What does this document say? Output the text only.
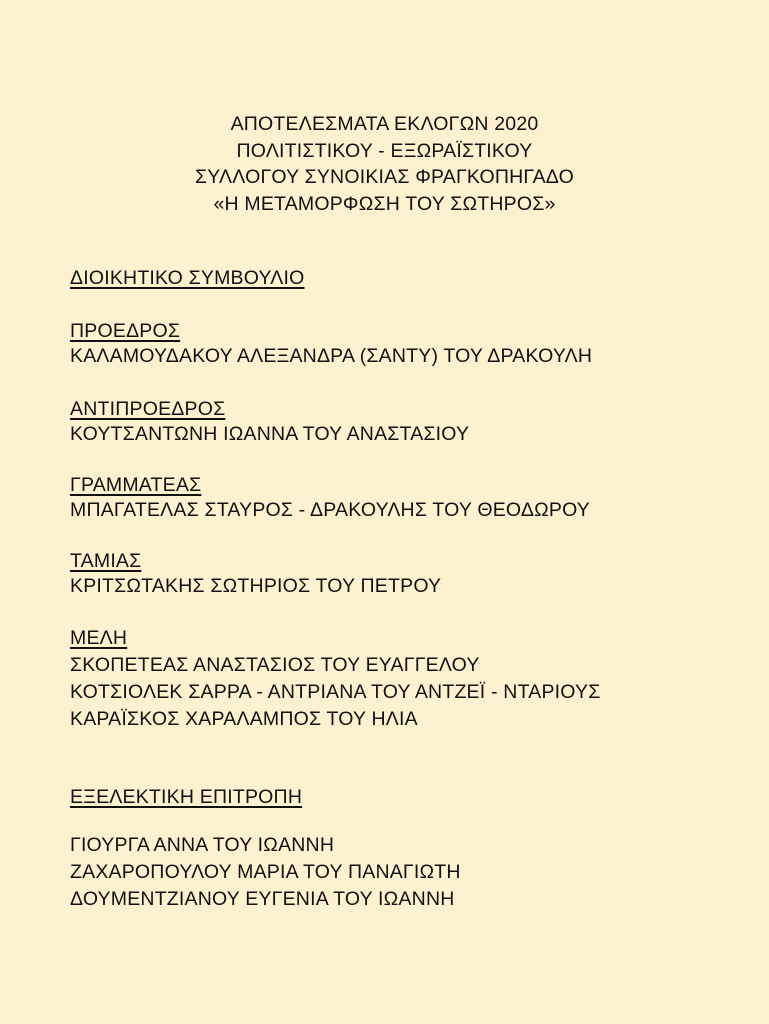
ΑΠΟΤΕΛΕΣΜΑΤΑ ΕΚΛΟΓΩΝ 2020
ΠΟΛΙΤΙΣΤΙΚΟΥ - ΕΞΩΡΑΪΣΤΙΚΟΥ
ΣΥΛΛΟΓΟΥ ΣΥΝΟΙΚΙΑΣ ΦΡΑΓΚΟΠΗΓΑΔΟ
«Η ΜΕΤΑΜΟΡΦΩΣΗ ΤΟΥ ΣΩΤΗΡΟΣ»
ΔΙΟΙΚΗΤΙΚΟ ΣΥΜΒΟΥΛΙΟ
ΠΡΟΕΔΡΟΣ
ΚΑΛΑΜΟΥΔΑΚΟΥ ΑΛΕΞΑΝΔΡΑ (ΣΑΝΤΥ) ΤΟΥ ΔΡΑΚΟΥΛΗ
ΑΝΤΙΠΡΟΕΔΡΟΣ
ΚΟΥΤΣΑΝΤΩΝΗ ΙΩΑΝΝΑ ΤΟΥ ΑΝΑΣΤΑΣΙΟΥ
ΓΡΑΜΜΑΤΕΑΣ
ΜΠΑΓΑΤΕΛΑΣ ΣΤΑΥΡΟΣ - ΔΡΑΚΟΥΛΗΣ ΤΟΥ ΘΕΟΔΩΡΟΥ
ΤΑΜΙΑΣ
ΚΡΙΤΣΩΤΑΚΗΣ ΣΩΤΗΡΙΟΣ ΤΟΥ ΠΕΤΡΟΥ
ΜΕΛΗ
ΣΚΟΠΕΤΕΑΣ ΑΝΑΣΤΑΣΙΟΣ ΤΟΥ ΕΥΑΓΓΕΛΟΥ
ΚΟΤΣΙΟΛΕΚ ΣΑΡΡΑ - ΑΝΤΡΙΑΝΑ ΤΟΥ ΑΝΤΖΕΪ - ΝΤΑΡΙΟΥΣ
ΚΑΡΑΪΣΚΟΣ ΧΑΡΑΛΑΜΠΟΣ ΤΟΥ ΗΛΙΑ
ΕΞΕΛΕΚΤΙΚΗ ΕΠΙΤΡΟΠΗ
ΓΙΟΥΡΓΑ ΑΝΝΑ ΤΟΥ ΙΩΑΝΝΗ
ΖΑΧΑΡΟΠΟΥΛΟΥ ΜΑΡΙΑ ΤΟΥ ΠΑΝΑΓΙΩΤΗ
ΔΟΥΜΕΝΤΖΙΑΝΟΥ ΕΥΓΕΝΙΑ ΤΟΥ ΙΩΑΝΝΗ
